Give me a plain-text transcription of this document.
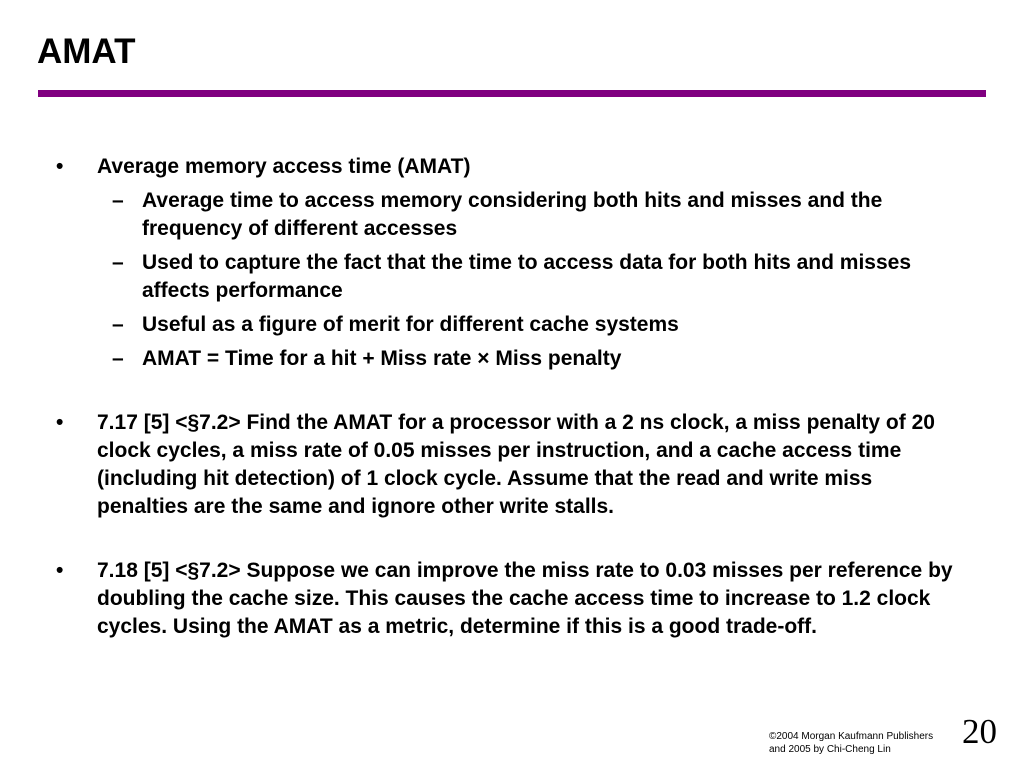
AMAT
•	Average memory access time (AMAT)
– Average time to access memory considering both hits and misses and the frequency of different accesses
– Used to capture the fact that the time to access data for both hits and misses affects performance
– Useful as a figure of merit for different cache systems
– AMAT = Time for a hit + Miss rate × Miss penalty
•	7.17 [5] <§7.2> Find the AMAT for a processor with a 2 ns clock, a miss penalty of 20 clock cycles, a miss rate of 0.05 misses per instruction, and a cache access time (including hit detection) of 1 clock cycle. Assume that the read and write miss penalties are the same and ignore other write stalls.
•	7.18 [5] <§7.2> Suppose we can improve the miss rate to 0.03 misses per reference by doubling the cache size. This causes the cache access time to increase to 1.2 clock cycles. Using the AMAT as a metric, determine if this is a good trade-off.
©2004 Morgan Kaufmann Publishers
and 2005 by Chi-Cheng Lin	20
